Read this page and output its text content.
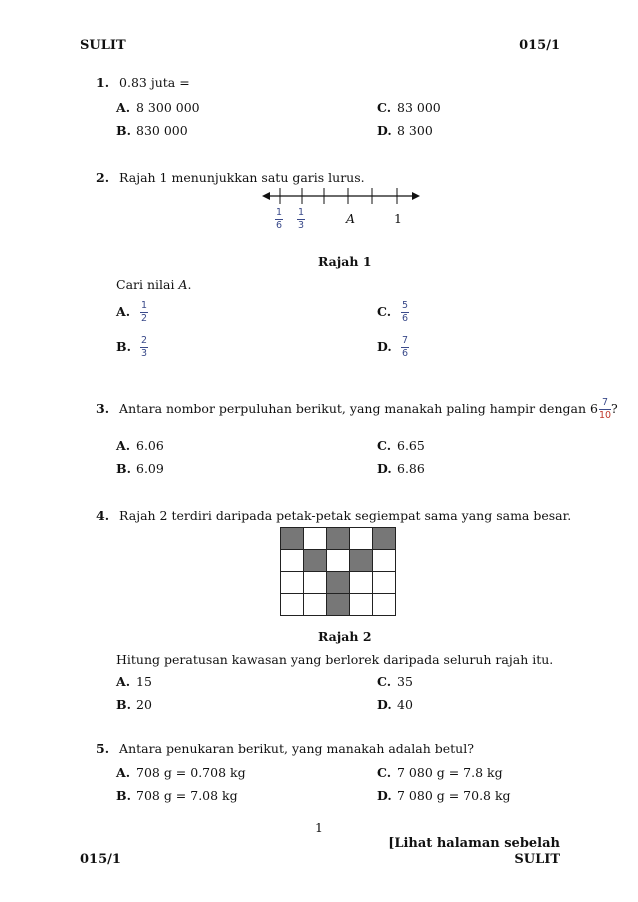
SULIT	015/1
1. 0.83 juta =
A. 8 300 000
B. 830 000
C. 83 000
D. 8 300
2. Rajah 1 menunjukkan satu garis lurus.
1
6
1
3	A	1
Rajah 1
Cari nilai A.
A. $\frac{1}{2}$
B. $\frac{2}{3}$
C. $\frac{5}{6}$
D. $\frac{7}{6}$
3. Antara nombor perpuluhan berikut, yang manakah paling hampir dengan $6 \frac{7}{10}$ ?
A. 6.06
B. 6.09
C. 6.65
D. 6.86
4. Rajah 2 terdiri daripada petak-petak segiempat sama yang sama besar.

Rajah 2
Hitung peratusan kawasan yang berlorek daripada seluruh rajah itu.
A. 15
B. 20
C. 35
D. 40
5. Antara penukaran berikut, yang manakah adalah betul?
A. 708 g = 0.708 kg
B. 708 g = 7.08 kg
C. 7 080 g = 7.8 kg
D. 7 080 g = 70.8 kg
1
[Lihat halaman sebelah
015/1	SULIT
